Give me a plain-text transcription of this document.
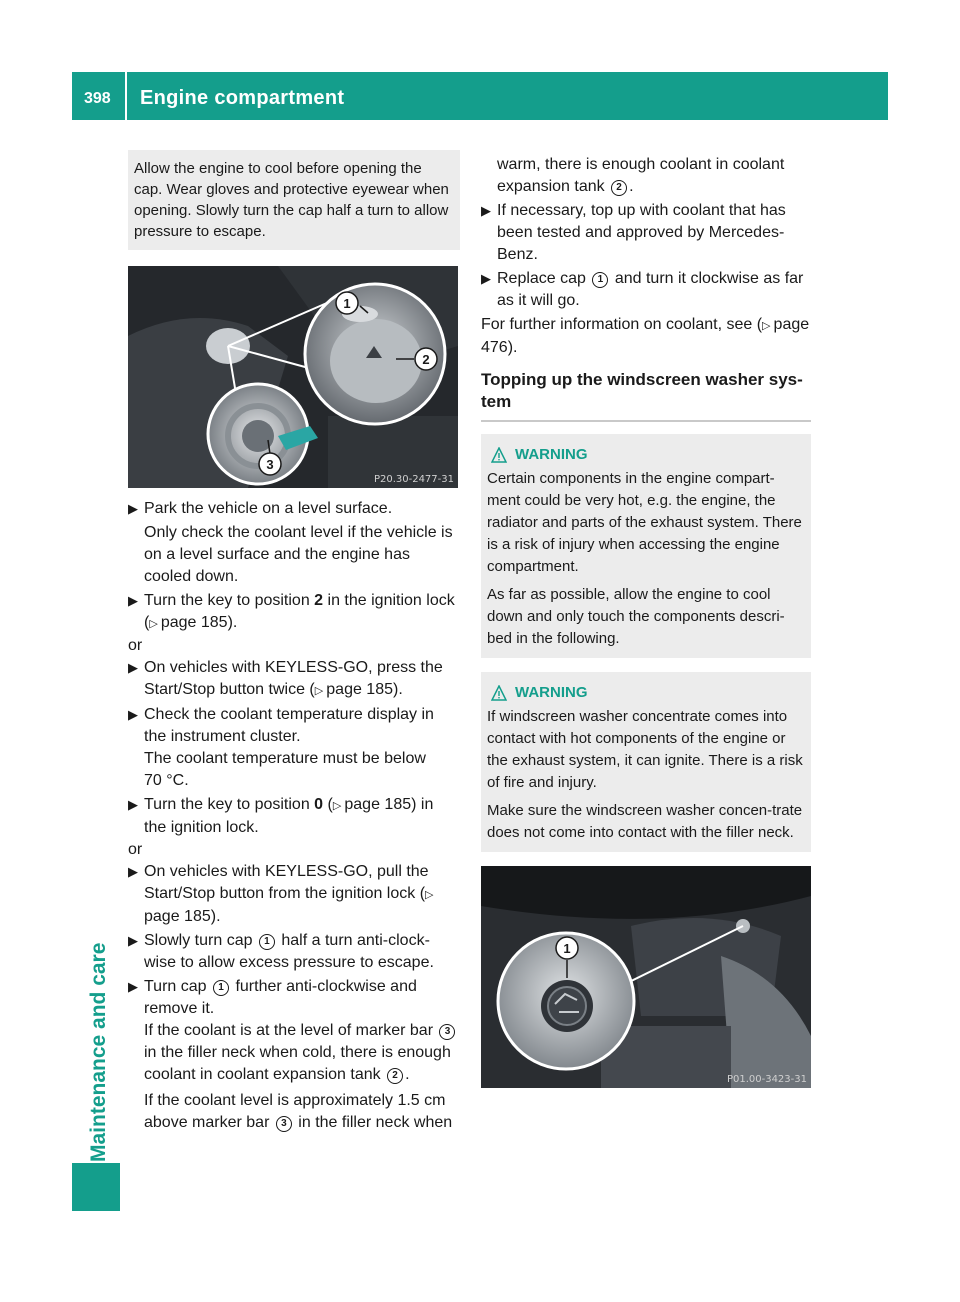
398 Engine compartment
Maintenance and care

Allow the engine to cool before opening the cap. Wear gloves and protective eyewear when opening. Slowly turn the cap half a turn to allow pressure to escape.

1
2
3
P20.30-2477-31

▶ Park the vehicle on a level surface.

Only check the coolant level if the vehicle is on a level surface and the engine has cooled down.

▶ Turn the key to position 2 in the ignition lock (▷ page 185).

or

▶ On vehicles with KEYLESS-GO, press the Start/Stop button twice (▷ page 185).

▶ Check the coolant temperature display in the instrument cluster.

The coolant temperature must be below

70 °C.

▶ Turn the key to position 0 (▷ page 185) in the ignition lock.

or

▶ On vehicles with KEYLESS-GO, pull the Start/Stop button from the ignition lock (▷ page 185).

▶ Slowly turn cap 1 half a turn anti-clock-wise to allow excess pressure to escape.

▶ Turn cap 1 further anti-clockwise and remove it.

If the coolant is at the level of marker bar 3 in the filler neck when cold, there is enough coolant in coolant expansion tank 2 .

If the coolant level is approximately 1.5 cm above marker bar 3 in the filler neck when

warm, there is enough coolant in coolant expansion tank 2 .

▶ If necessary, top up with coolant that has been tested and approved by Mercedes-Benz.

▶ Replace cap 1 and turn it clockwise as far as it will go.

For further information on coolant, see (▷ page 476).

Topping up the windscreen washer sys-tem
WARNING

Certain components in the engine compart-ment could be very hot, e.g. the engine, the radiator and parts of the exhaust system. There is a risk of injury when accessing the engine compartment.

As far as possible, allow the engine to cool down and only touch the components descri-bed in the following.

WARNING

If windscreen washer concentrate comes into contact with hot components of the engine or the exhaust system, it can ignite. There is a risk of fire and injury.

Make sure the windscreen washer concen-trate does not come into contact with the filler neck.

1
P01.00-3423-31
